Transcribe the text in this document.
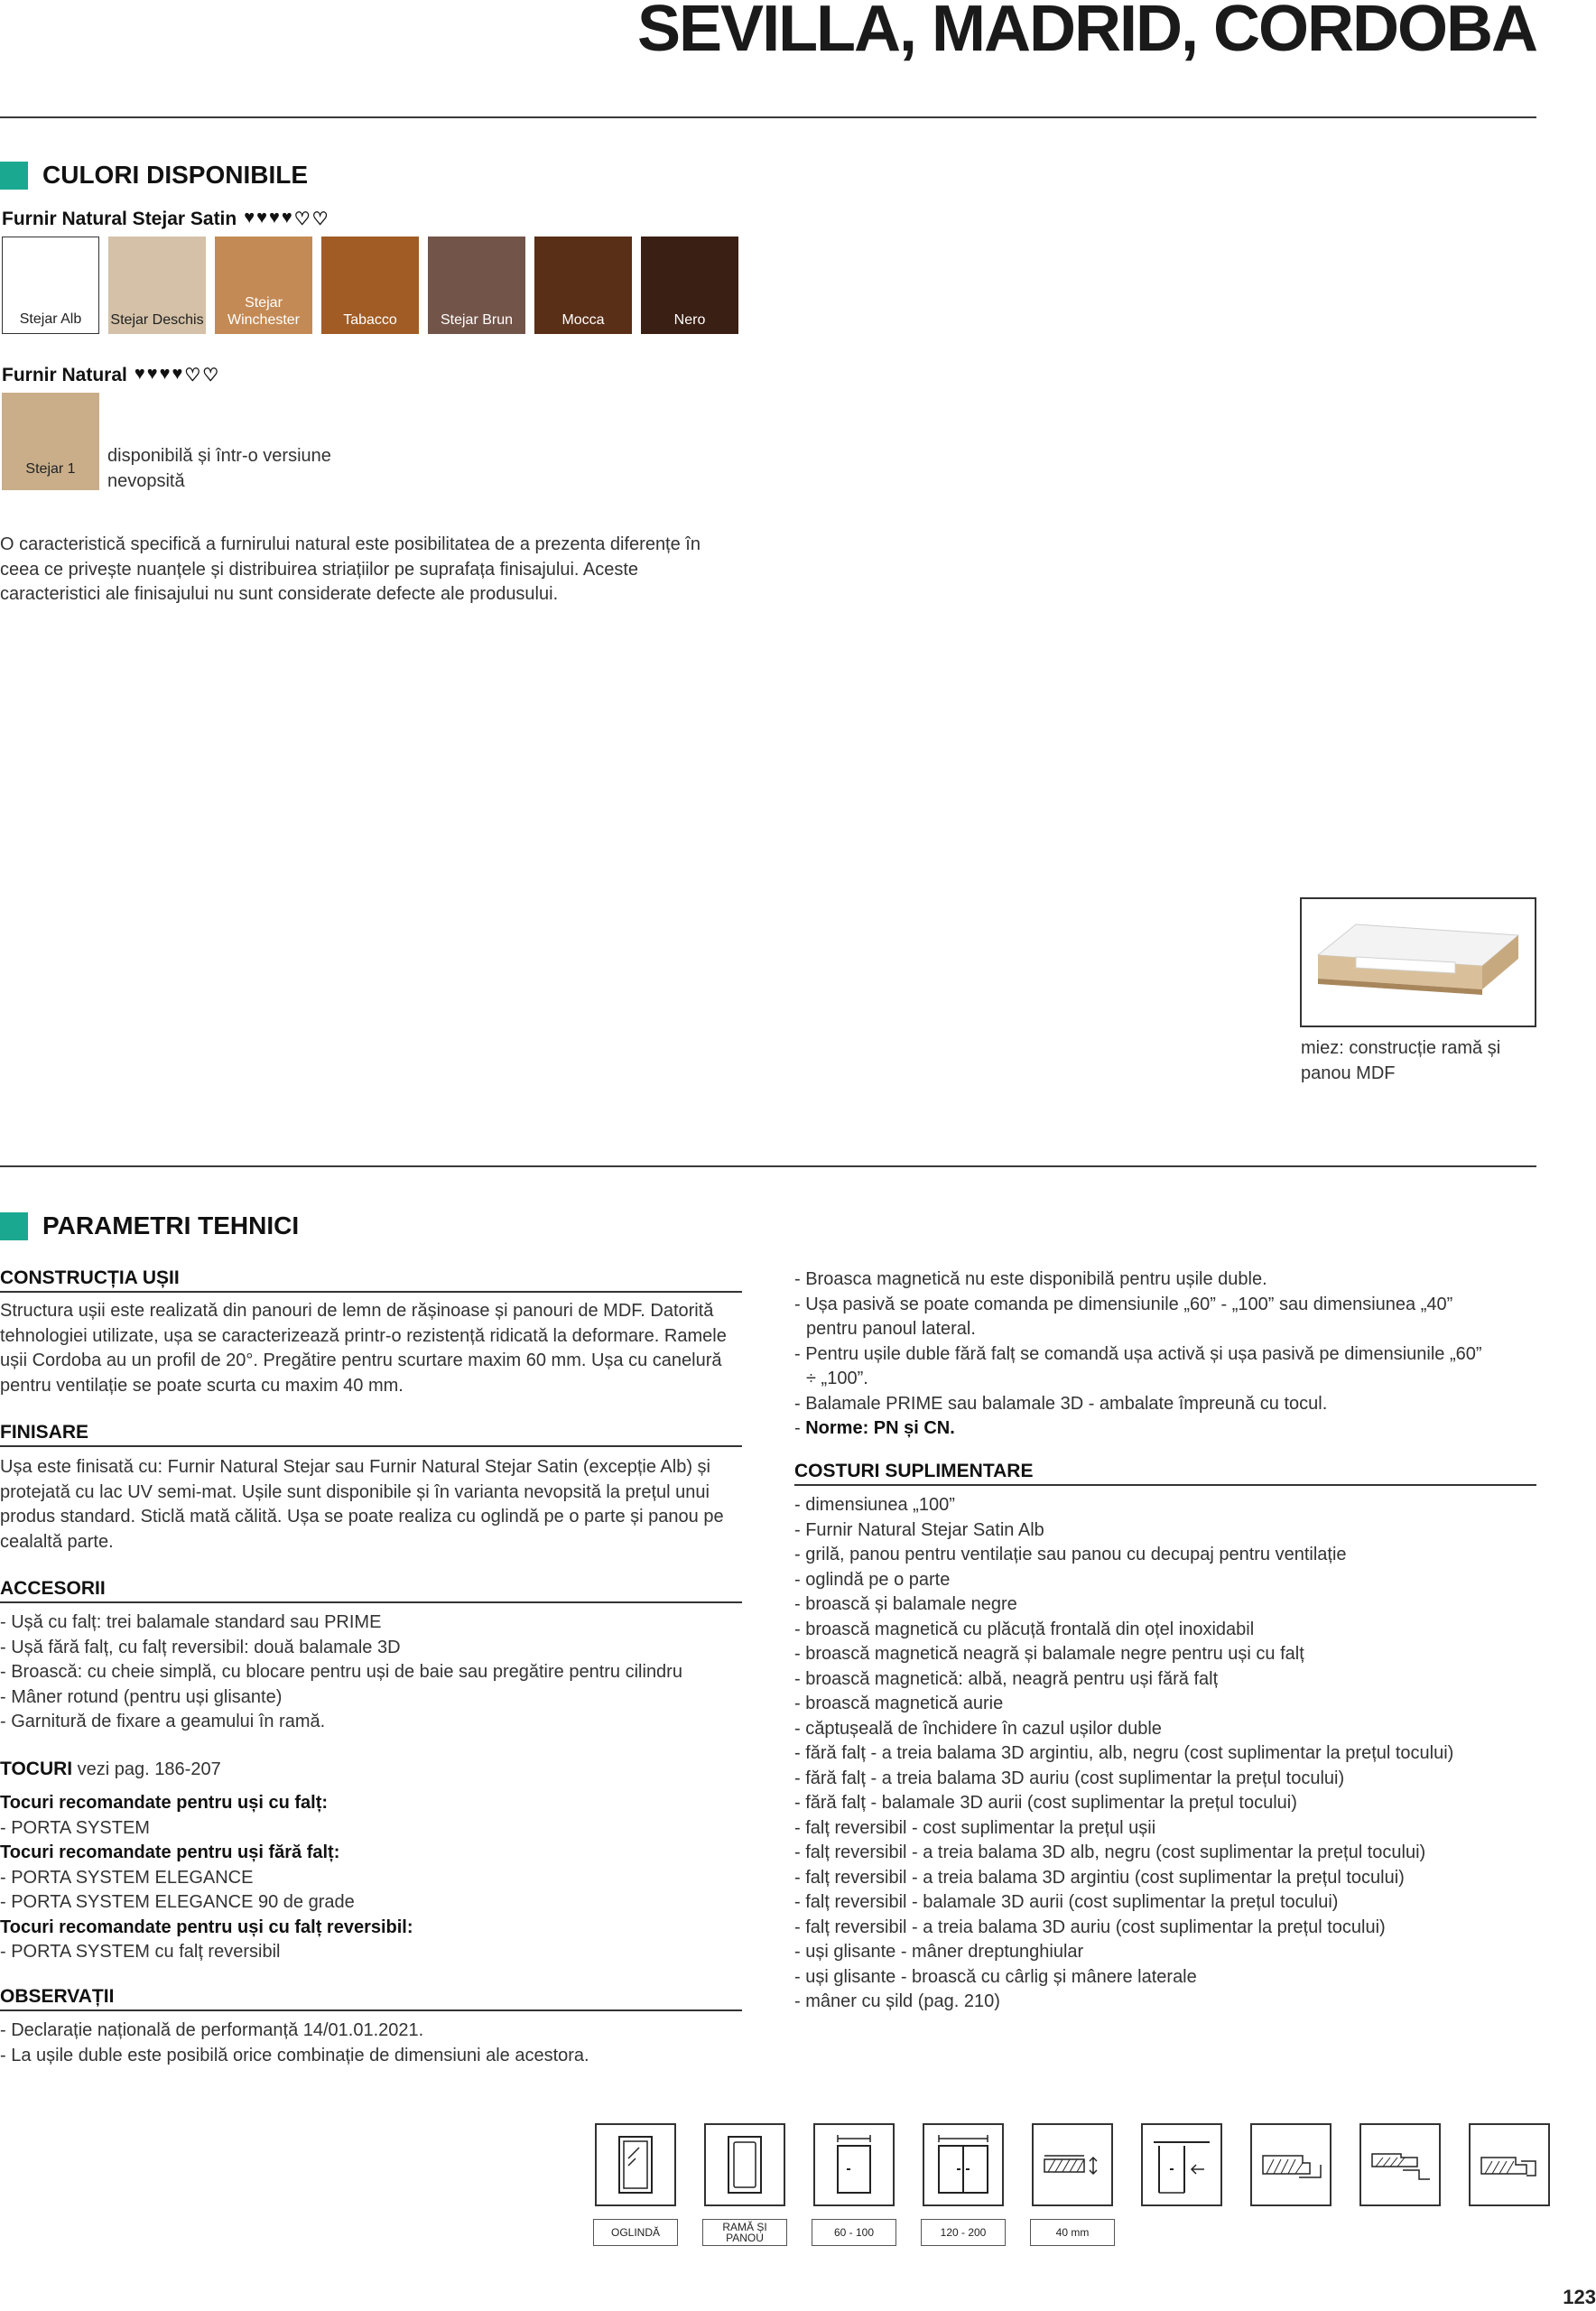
SEVILLA, MADRID, CORDOBA
CULORI DISPONIBILE
Furnir Natural Stejar Satin ♥ ♥ ♥ ♥ ♡ ♡
Stejar Alb	Stejar Deschis
Stejar Winchester	Tabacco	Stejar Brun	Mocca	Nero
Furnir Natural ♥ ♥ ♥ ♥ ♡ ♡
Stejar 1
disponibilă și într-o versiune nevopsită
O caracteristică specifică a furnirului natural este posibilitatea de a prezenta diferențe în ceea ce privește nuanțele și distribuirea striațiilor pe suprafața finisajului. Aceste caracteristici ale finisajului nu sunt considerate defecte ale produsului.
miez: construcție ramă și panou MDF
PARAMETRI TEHNICI
CONSTRUCȚIA UȘII
Structura ușii este realizată din panouri de lemn de rășinoase și panouri de MDF. Datorită tehnologiei utilizate, ușa se caracterizează printr-o rezistență ridicată la deformare. Ramele ușii Cordoba au un profil de 20°. Pregătire pentru scurtare maxim 60 mm. Ușa cu canelură pentru ventilație se poate scurta cu maxim 40 mm.
FINISARE
Ușa este finisată cu: Furnir Natural Stejar sau Furnir Natural Stejar Satin (excepție Alb) și protejată cu lac UV semi-mat. Ușile sunt disponibile și în varianta nevopsită la prețul unui produs standard. Sticlă mată călită. Ușa se poate realiza cu oglindă pe o parte și panou pe cealaltă parte.
ACCESORII
- Ușă cu falț: trei balamale standard sau PRIME
- Ușă fără falț, cu falț reversibil: două balamale 3D
- Broască: cu cheie simplă, cu blocare pentru uși de baie sau pregătire pentru cilindru
- Mâner rotund (pentru uși glisante)
- Garnitură de fixare a geamului în ramă.
TOCURI vezi pag. 186-207
Tocuri recomandate pentru uși cu falț:
- PORTA SYSTEM
Tocuri recomandate pentru uși fără falț:
- PORTA SYSTEM ELEGANCE
- PORTA SYSTEM ELEGANCE 90 de grade
Tocuri recomandate pentru uși cu falț reversibil:
- PORTA SYSTEM cu falț reversibil
OBSERVAȚII
- Declarație națională de performanță 14/01.01.2021.
- La ușile duble este posibilă orice combinație de dimensiuni ale acestora.
- Broasca magnetică nu este disponibilă pentru ușile duble.
- Ușa pasivă se poate comanda pe dimensiunile „60” - „100” sau dimensiunea „40”
pentru panoul lateral.
- Pentru ușile duble fără falț se comandă ușa activă și ușa pasivă pe dimensiunile „60”
÷ „100”.
- Balamale PRIME sau balamale 3D - ambalate împreună cu tocul.
- Norme: PN și CN.
COSTURI SUPLIMENTARE
- dimensiunea „100”
- Furnir Natural Stejar Satin Alb
- grilă, panou pentru ventilație sau panou cu decupaj pentru ventilație
- oglindă pe o parte
- broască și balamale negre
- broască magnetică cu plăcuță frontală din oțel inoxidabil
- broască magnetică neagră și balamale negre pentru uși cu falț
- broască magnetică: albă, neagră pentru uși fără falț
- broască magnetică aurie
- căptușeală de închidere în cazul ușilor duble
- fără falț - a treia balama 3D argintiu, alb, negru (cost suplimentar la prețul tocului)
- fără falț - a treia balama 3D auriu (cost suplimentar la prețul tocului)
- fără falț - balamale 3D aurii (cost suplimentar la prețul tocului)
- falț reversibil - cost suplimentar la prețul ușii
- falț reversibil - a treia balama 3D alb, negru (cost suplimentar la prețul tocului)
- falț reversibil - a treia balama 3D argintiu (cost suplimentar la prețul tocului)
- falț reversibil - balamale 3D aurii (cost suplimentar la prețul tocului)
- falț reversibil - a treia balama 3D auriu (cost suplimentar la prețul tocului)
- uși glisante - mâner dreptunghiular
- uși glisante - broască cu cârlig și mânere laterale
- mâner cu șild (pag. 210)
OGLINDĂ	RAMĂ ȘI PANOU	60 - 100	120 - 200	40 mm
123
